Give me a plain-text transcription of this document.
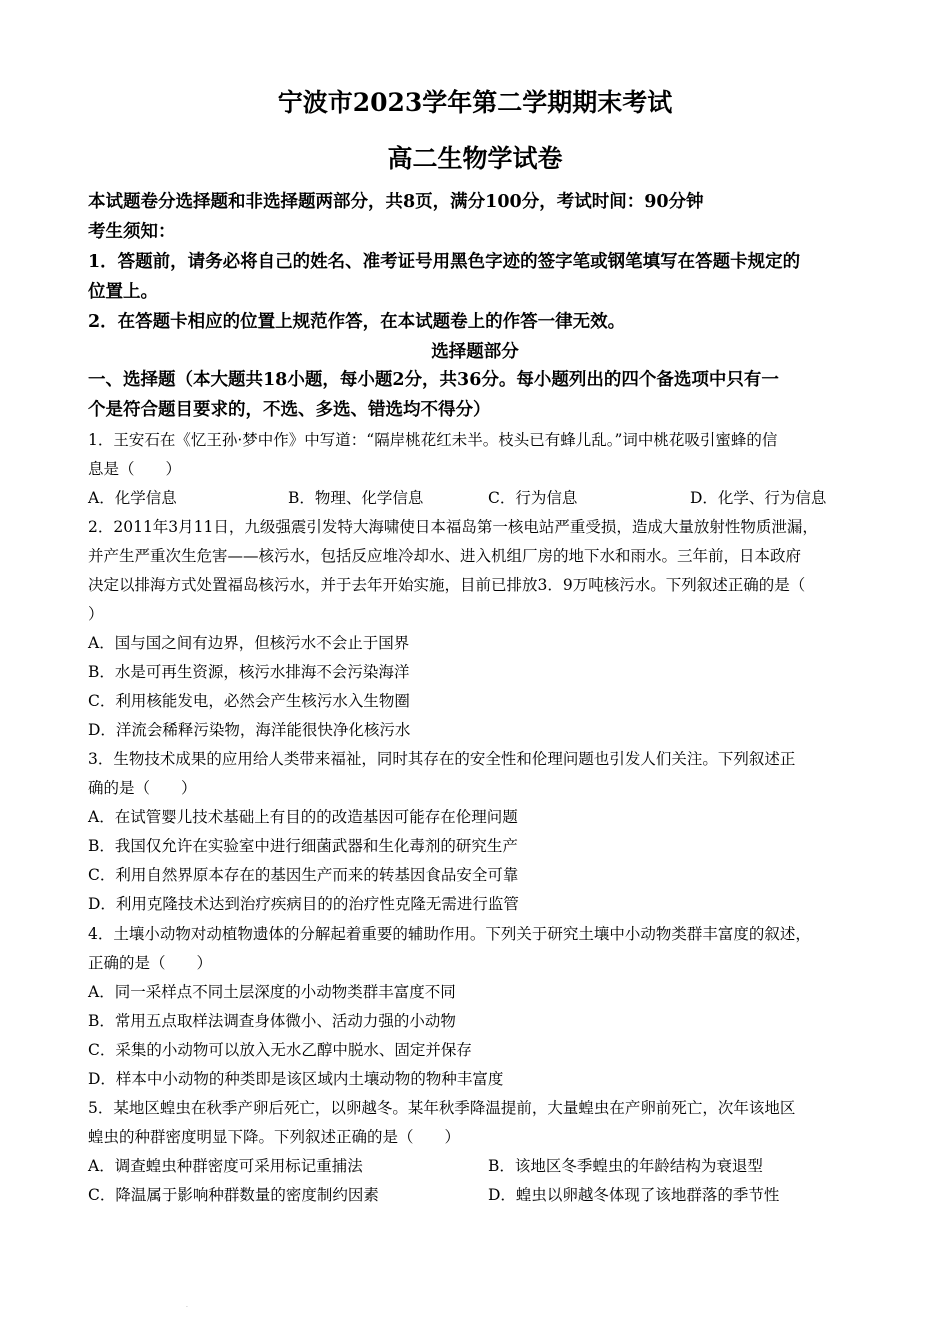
宁波市2023学年第二学期期末考试
高二生物学试卷
本试题卷分选择题和非选择题两部分，共8页，满分100分，考试时间：90分钟
考生须知：
1．答题前，请务必将自己的姓名、准考证号用黑色字迹的签字笔或钢笔填写在答题卡规定的
位置上。
2．在答题卡相应的位置上规范作答，在本试题卷上的作答一律无效。
选择题部分
一、选择题（本大题共18小题，每小题2分，共36分。每小题列出的四个备选项中只有一
个是符合题目要求的，不选、多选、错选均不得分）
1．王安石在《忆王孙·梦中作》中写道：“隔岸桃花红未半。枝头已有蜂儿乱。”词中桃花吸引蜜蜂的信
息是（　　）
A．化学信息	B．物理、化学信息	C．行为信息	D．化学、行为信息
2．2011年3月11日，九级强震引发特大海啸使日本福岛第一核电站严重受损，造成大量放射性物质泄漏，
并产生严重次生危害——核污水，包括反应堆冷却水、进入机组厂房的地下水和雨水。三年前，日本政府
决定以排海方式处置福岛核污水，并于去年开始实施，目前已排放3．9万吨核污水。下列叙述正确的是（
）
A．国与国之间有边界，但核污水不会止于国界
B．水是可再生资源，核污水排海不会污染海洋
C．利用核能发电，必然会产生核污水入生物圈
D．洋流会稀释污染物，海洋能很快净化核污水
3．生物技术成果的应用给人类带来福祉，同时其存在的安全性和伦理问题也引发人们关注。下列叙述正
确的是（　　）
A．在试管婴儿技术基础上有目的的改造基因可能存在伦理问题
B．我国仅允许在实验室中进行细菌武器和生化毒剂的研究生产
C．利用自然界原本存在的基因生产而来的转基因食品安全可靠
D．利用克隆技术达到治疗疾病目的的治疗性克隆无需进行监管
4．土壤小动物对动植物遗体的分解起着重要的辅助作用。下列关于研究土壤中小动物类群丰富度的叙述，
正确的是（　　）
A．同一采样点不同土层深度的小动物类群丰富度不同
B．常用五点取样法调查身体微小、活动力强的小动物
C．采集的小动物可以放入无水乙醇中脱水、固定并保存
D．样本中小动物的种类即是该区域内土壤动物的物种丰富度
5．某地区蝗虫在秋季产卵后死亡，以卵越冬。某年秋季降温提前，大量蝗虫在产卵前死亡，次年该地区
蝗虫的种群密度明显下降。下列叙述正确的是（　　）
A．调查蝗虫种群密度可采用标记重捕法	B．该地区冬季蝗虫的年龄结构为衰退型
C．降温属于影响种群数量的密度制约因素	D．蝗虫以卵越冬体现了该地群落的季节性
.
